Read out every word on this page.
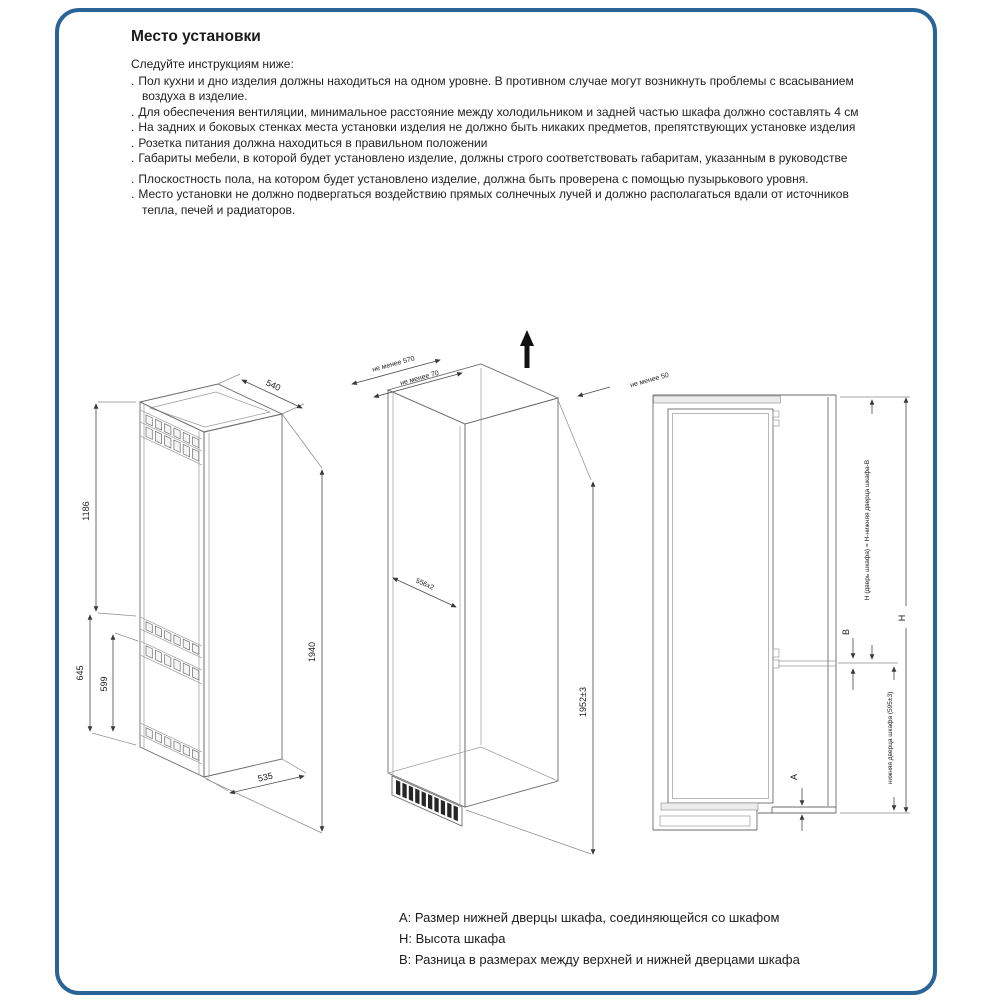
Место установки

Следуйте инструкциям ниже:

. Пол кухни и дно изделия должны находиться на одном уровне. В противном случае могут возникнуть проблемы с всасыванием воздуха в изделие.
. Для обеспечения вентиляции, минимальное расстояние между холодильником и задней частью шкафа должно составлять 4 см
. На задних и боковых стенках места установки изделия не должно быть никаких предметов, препятствующих установке изделия
. Розетка питания должна находиться в правильном положении
. Габариты мебели, в которой будет установлено изделие, должны строго соответствовать габаритам, указанным в руководстве
. Плоскостность пола, на котором будет установлено изделие, должна быть проверена с помощью пузырькового уровня.
. Место установки не должно подвергаться воздействию прямых солнечных лучей и должно располагаться вдали от источников тепла, печей и радиаторов.
A: Размер нижней дверцы шкафа, соединяющейся со шкафом
H: Высота шкафа
B: Разница в размерах между верхней и нижней дверцами шкафа
540
1186
645
599
1940
535
не менее 570
не менее 70	не менее 50
556x2
1952±3
A
B
H (дверь шкафа) = H-нижняя дверца шкафа-B
нижняя дверца шкафа (595±3)
H
